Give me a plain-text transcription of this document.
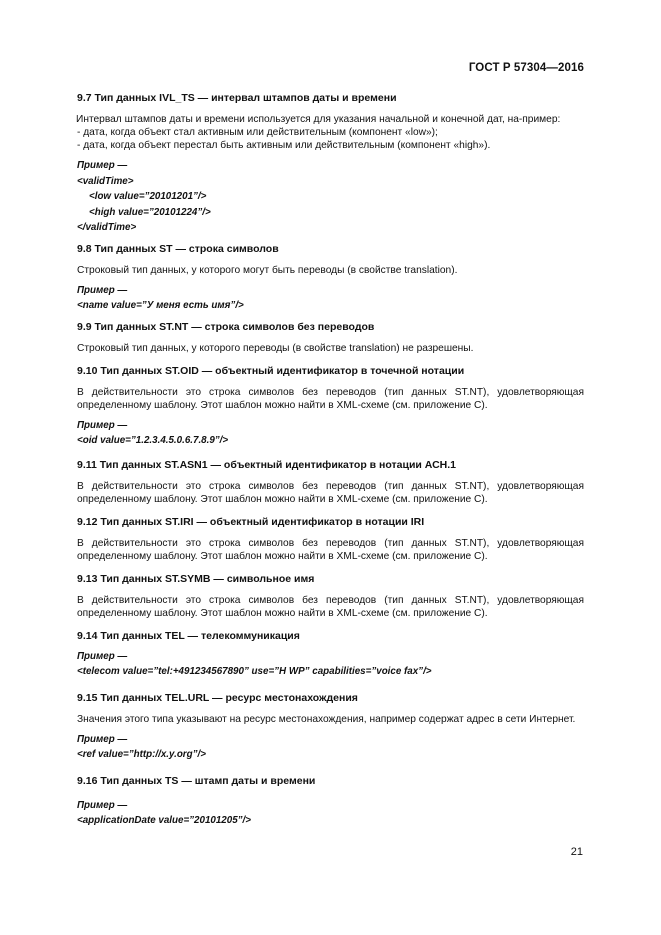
ГОСТ Р 57304—2016
9.7 Тип данных IVL_TS — интервал штампов даты и времени
Интервал штампов даты и времени используется для указания начальной и конечной дат, на-пример:
- дата, когда объект стал активным или действительным (компонент «low»);
- дата, когда объект перестал быть активным или действительным (компонент «high»).
Пример —
<validTime>
<low value=”20101201”/>
<high value=”20101224”/>
</validTime>
9.8 Тип данных ST — строка символов
Строковый тип данных, у которого могут быть переводы (в свойстве translation).
Пример —
<name value=”У меня есть имя”/>
9.9 Тип данных ST.NT — строка символов без переводов
Строковый тип данных, у которого переводы (в свойстве translation) не разрешены.
9.10 Тип данных ST.OID — объектный идентификатор в точечной нотации
В действительности это строка символов без переводов (тип данных ST.NT), удовлетворяющая определенному шаблону. Этот шаблон можно найти в XML-схеме (см. приложение С).
Пример —
<oid value=”1.2.3.4.5.0.6.7.8.9”/>
9.11 Тип данных ST.ASN1 — объектный идентификатор в нотации АСН.1
В действительности это строка символов без переводов (тип данных ST.NT), удовлетворяющая определенному шаблону. Этот шаблон можно найти в XML-схеме (см. приложение С).
9.12 Тип данных ST.IRI — объектный идентификатор в нотации IRI
В действительности это строка символов без переводов (тип данных ST.NT), удовлетворяющая определенному шаблону. Этот шаблон можно найти в XML-схеме (см. приложение С).
9.13 Тип данных ST.SYMB — символьное имя
В действительности это строка символов без переводов (тип данных ST.NT), удовлетворяющая определенному шаблону. Этот шаблон можно найти в XML-схеме (см. приложение С).
9.14 Тип данных TEL — телекоммуникация
Пример —
<telecom value=”tel:+491234567890” use=”H WP” capabilities=”voice fax”/>
9.15 Тип данных TEL.URL — ресурс местонахождения
Значения этого типа указывают на ресурс местонахождения, например содержат адрес в сети Интернет.
Пример —
<ref value=”http://x.y.org”/>
9.16 Тип данных TS — штамп даты и времени
Пример —
<applicationDate value=”20101205”/>
21
